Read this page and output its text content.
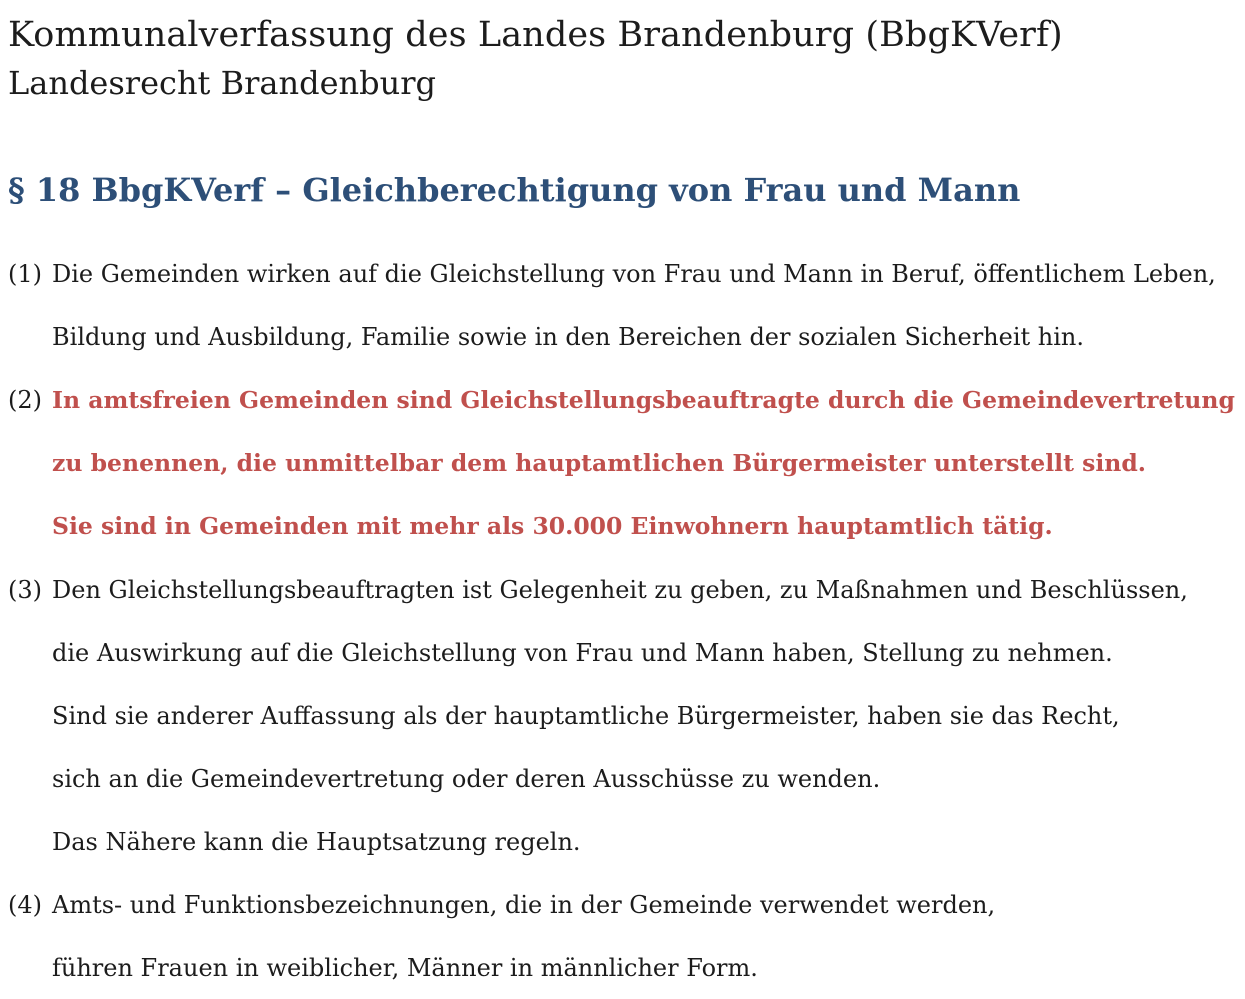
Kommunalverfassung des Landes Brandenburg (BbgKVerf)
Landesrecht Brandenburg
§ 18 BbgKVerf – Gleichberechtigung von Frau und Mann
(1) Die Gemeinden wirken auf die Gleichstellung von Frau und Mann in Beruf, öffentlichem Leben,
Bildung und Ausbildung, Familie sowie in den Bereichen der sozialen Sicherheit hin.
(2) In amtsfreien Gemeinden sind Gleichstellungsbeauftragte durch die Gemeindevertretung
zu benennen, die unmittelbar dem hauptamtlichen Bürgermeister unterstellt sind.
Sie sind in Gemeinden mit mehr als 30.000 Einwohnern hauptamtlich tätig.
(3) Den Gleichstellungsbeauftragten ist Gelegenheit zu geben, zu Maßnahmen und Beschlüssen,
die Auswirkung auf die Gleichstellung von Frau und Mann haben, Stellung zu nehmen.
Sind sie anderer Auffassung als der hauptamtliche Bürgermeister, haben sie das Recht,
sich an die Gemeindevertretung oder deren Ausschüsse zu wenden.
Das Nähere kann die Hauptsatzung regeln.
(4) Amts- und Funktionsbezeichnungen, die in der Gemeinde verwendet werden,
führen Frauen in weiblicher, Männer in männlicher Form.
